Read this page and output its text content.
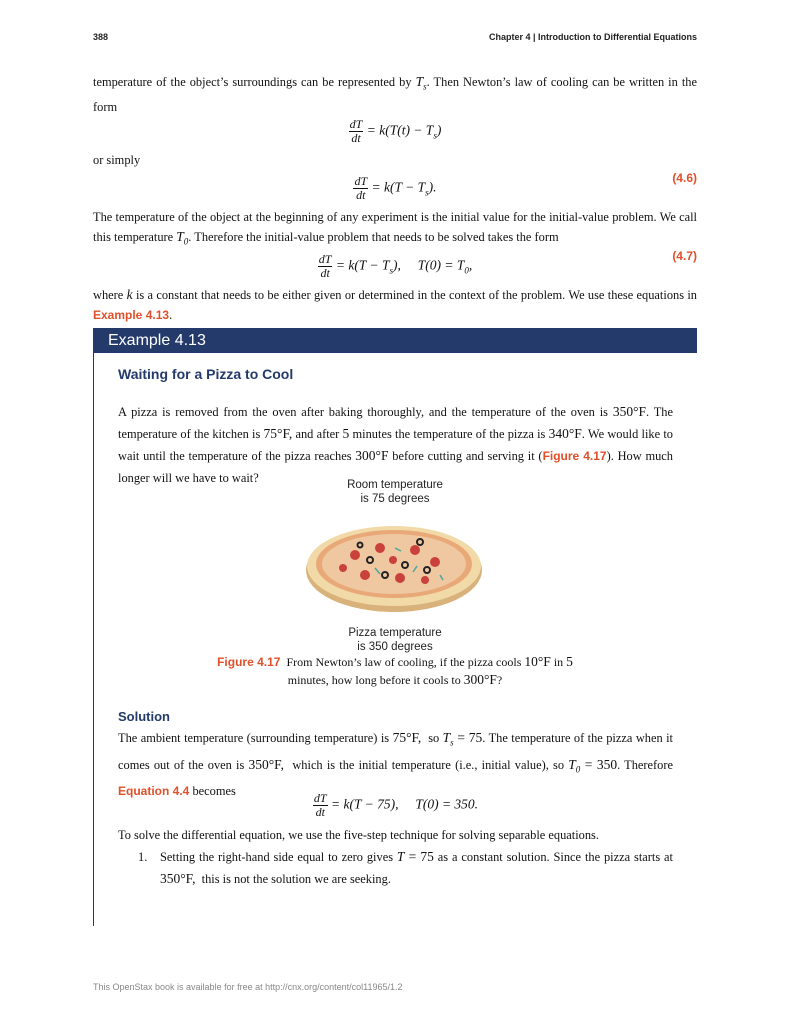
388	Chapter 4 | Introduction to Differential Equations
temperature of the object’s surroundings can be represented by $T_s$. Then Newton’s law of cooling can be written in the form
$\frac{dT}{dt} = k(T(t) - T_s)$
or simply
$\frac{dT}{dt} = k(T - T_s)$.
(4.6)
The temperature of the object at the beginning of any experiment is the initial value for the initial-value problem. We call this temperature $T_0$. Therefore the initial-value problem that needs to be solved takes the form
$\frac{dT}{dt} = k(T - T_s)$,     $T(0) = T_0$,
(4.7)
where k is a constant that needs to be either given or determined in the context of the problem. We use these equations in Example 4.13.
Example 4.13
Waiting for a Pizza to Cool
A pizza is removed from the oven after baking thoroughly, and the temperature of the oven is 350°F. The temperature of the kitchen is 75°F, and after 5 minutes the temperature of the pizza is 340°F. We would like to wait until the temperature of the pizza reaches 300°F before cutting and serving it (Figure 4.17). How much longer will we have to wait?	Room temperature
is 75 degrees
Pizza temperature
is 350 degrees
Figure 4.17  From Newton’s law of cooling, if the pizza cools 10°F in 5 minutes, how long before it cools to 300°F?
Solution
The ambient temperature (surrounding temperature) is 75°F,  so $T_s = 75$. The temperature of the pizza when it comes out of the oven is 350°F,  which is the initial temperature (i.e., initial value), so $T_0 = 350$. Therefore Equation 4.4 becomes
$\frac{dT}{dt} = k(T - 75)$,     T(0) = 350.
To solve the differential equation, we use the five-step technique for solving separable equations.
1. Setting the right-hand side equal to zero gives T = 75 as a constant solution. Since the pizza starts at 350°F,  this is not the solution we are seeking.
This OpenStax book is available for free at http://cnx.org/content/col11965/1.2
